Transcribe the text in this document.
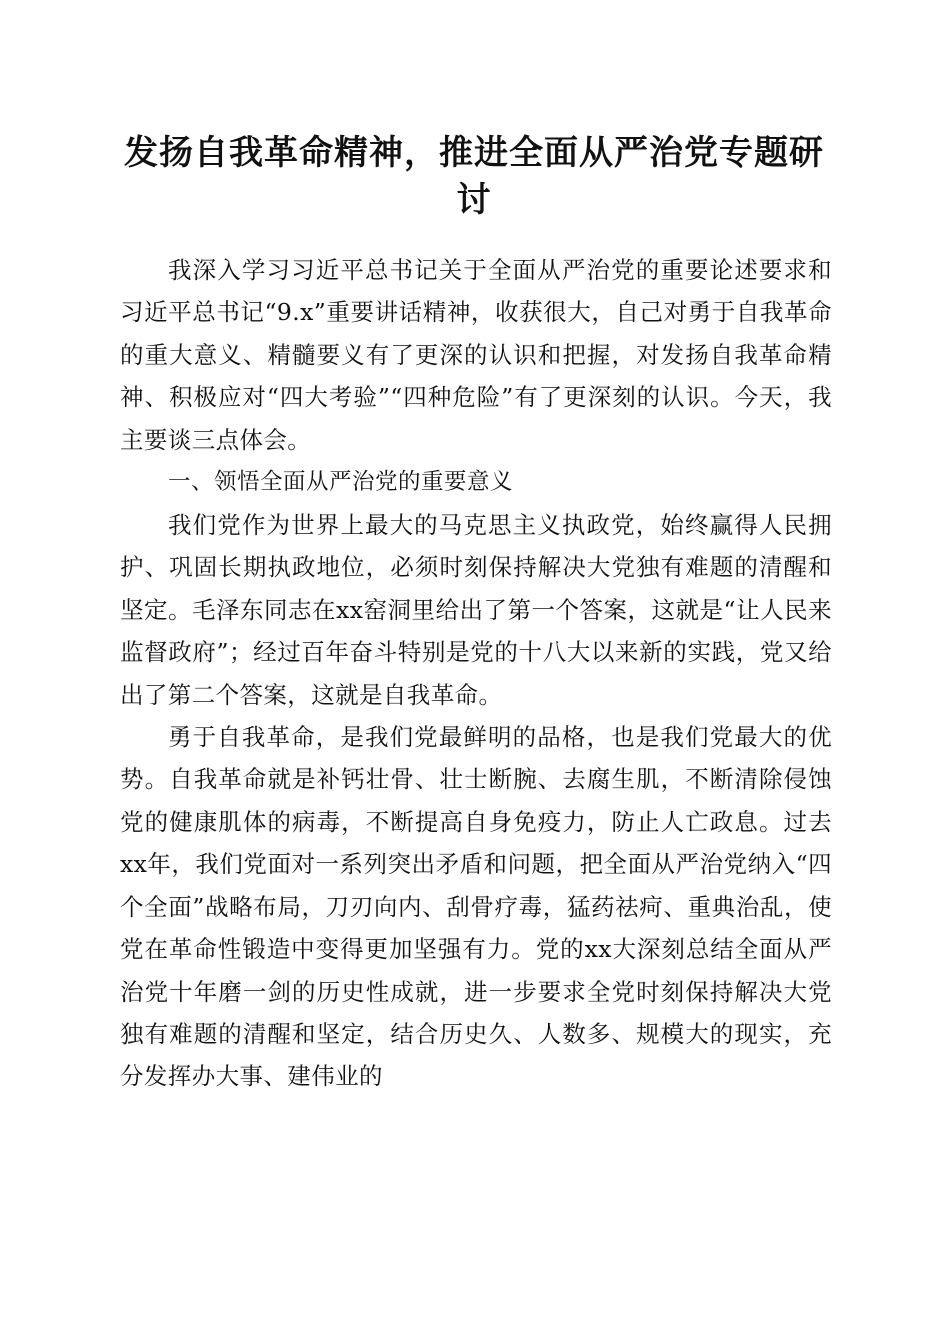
发扬自我革命精神，推进全面从严治党专题研讨

我深入学习习近平总书记关于全面从严治党的重要论述要求和习近平总书记“9.x”重要讲话精神，收获很大，自己对勇于自我革命的重大意义、精髓要义有了更深的认识和把握，对发扬自我革命精神、积极应对“四大考验”“四种危险”有了更深刻的认识。今天，我主要谈三点体会。

一、领悟全面从严治党的重要意义

我们党作为世界上最大的马克思主义执政党，始终赢得人民拥护、巩固长期执政地位，必须时刻保持解决大党独有难题的清醒和坚定。毛泽东同志在xx窑洞里给出了第一个答案，这就是“让人民来监督政府”；经过百年奋斗特别是党的十八大以来新的实践，党又给出了第二个答案，这就是自我革命。

勇于自我革命，是我们党最鲜明的品格，也是我们党最大的优势。自我革命就是补钙壮骨、壮士断腕、去腐生肌，不断清除侵蚀党的健康肌体的病毒，不断提高自身免疫力，防止人亡政息。过去xx年，我们党面对一系列突出矛盾和问题，把全面从严治党纳入“四个全面”战略布局，刀刃向内、刮骨疗毒，猛药祛疴、重典治乱，使党在革命性锻造中变得更加坚强有力。党的xx大深刻总结全面从严治党十年磨一剑的历史性成就，进一步要求全党时刻保持解决大党独有难题的清醒和坚定，结合历史久、人数多、规模大的现实，充分发挥办大事、建伟业的
